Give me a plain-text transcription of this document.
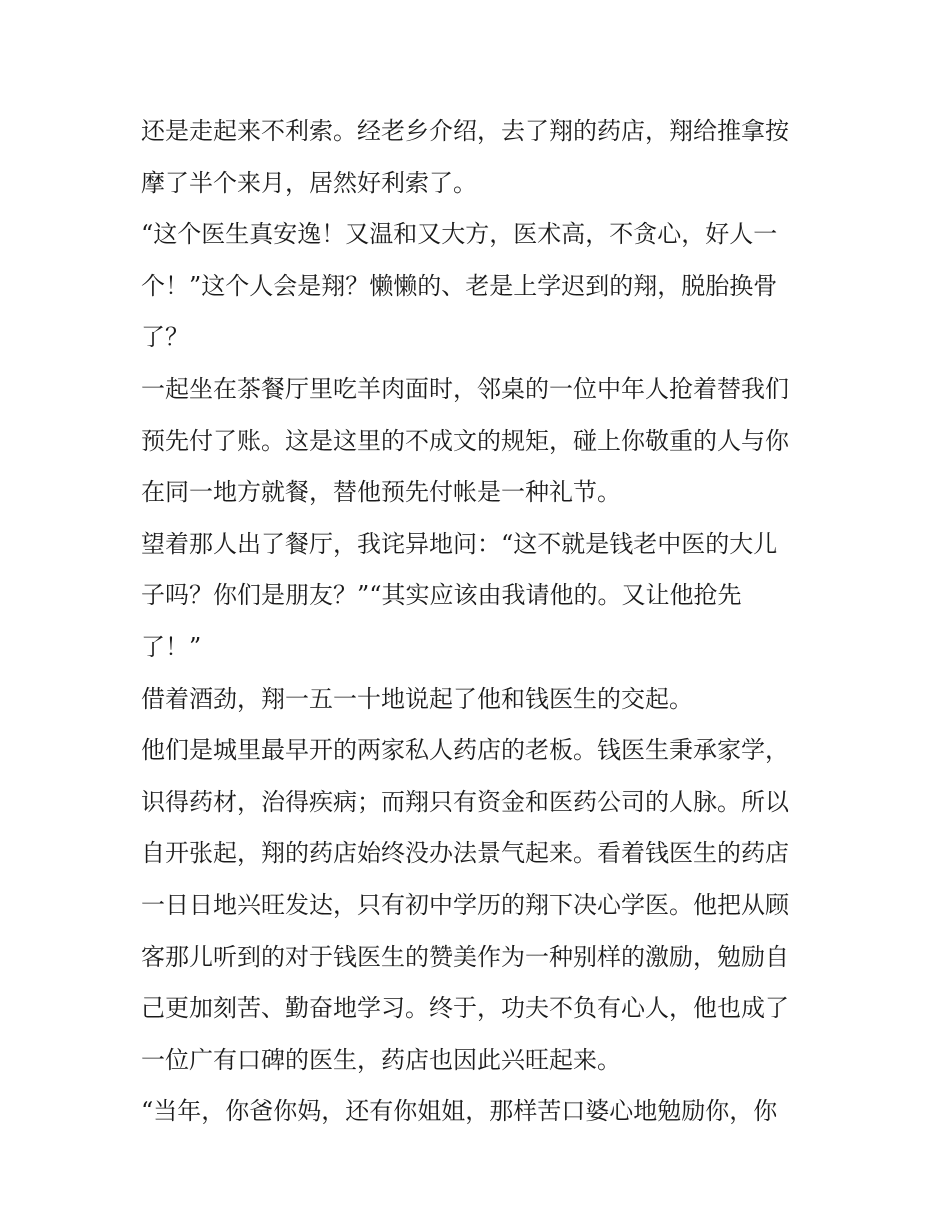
还是走起来不利索。经老乡介绍，去了翔的药店，翔给推拿按
摩了半个来月，居然好利索了。
“这个医生真安逸！又温和又大方，医术高，不贪心，好人一
个！”这个人会是翔？懒懒的、老是上学迟到的翔，脱胎换骨
了？
一起坐在茶餐厅里吃羊肉面时，邻桌的一位中年人抢着替我们
预先付了账。这是这里的不成文的规矩，碰上你敬重的人与你
在同一地方就餐，替他预先付帐是一种礼节。
望着那人出了餐厅，我诧异地问：“这不就是钱老中医的大儿
子吗？你们是朋友？”“其实应该由我请他的。又让他抢先
了！”
借着酒劲，翔一五一十地说起了他和钱医生的交起。
他们是城里最早开的两家私人药店的老板。钱医生秉承家学，
识得药材，治得疾病；而翔只有资金和医药公司的人脉。所以
自开张起，翔的药店始终没办法景气起来。看着钱医生的药店
一日日地兴旺发达，只有初中学历的翔下决心学医。他把从顾
客那儿听到的对于钱医生的赞美作为一种别样的激励，勉励自
己更加刻苦、勤奋地学习。终于，功夫不负有心人，他也成了
一位广有口碑的医生，药店也因此兴旺起来。
“当年，你爸你妈，还有你姐姐，那样苦口婆心地勉励你，你
